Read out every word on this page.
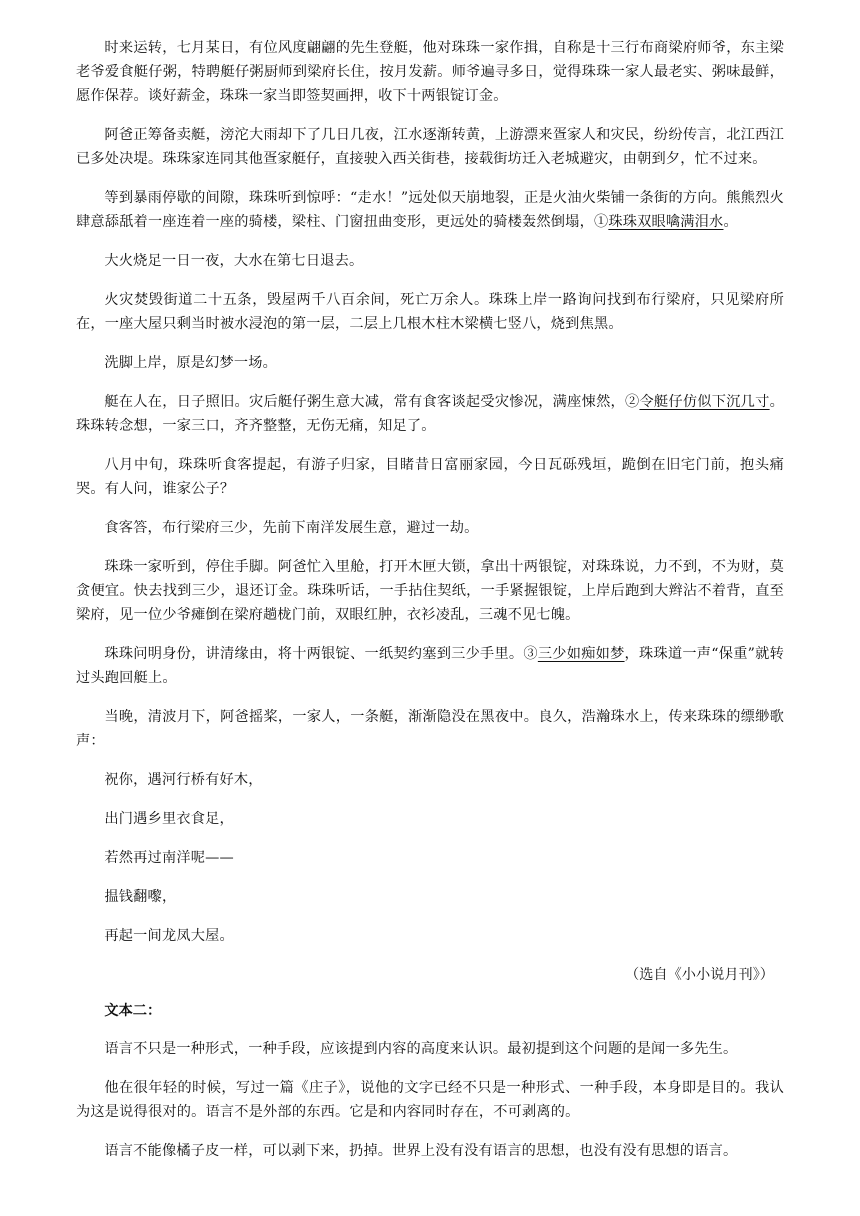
时来运转，七月某日，有位风度翩翩的先生登艇，他对珠珠一家作揖，自称是十三行布商梁府师爷，东主梁老爷爱食艇仔粥，特聘艇仔粥厨师到梁府长住，按月发薪。师爷遍寻多日，觉得珠珠一家人最老实、粥味最鲜，愿作保荐。谈好薪金，珠珠一家当即签契画押，收下十两银锭订金。

阿爸正筹备卖艇，滂沱大雨却下了几日几夜，江水逐渐转黄，上游漂来疍家人和灾民，纷纷传言，北江西江已多处决堤。珠珠家连同其他疍家艇仔，直接驶入西关街巷，接载街坊迁入老城避灾，由朝到夕，忙不过来。

等到暴雨停歇的间隙，珠珠听到惊呼：“走水！”远处似天崩地裂，正是火油火柴铺一条街的方向。熊熊烈火肆意舔舐着一座连着一座的骑楼，梁柱、门窗扭曲变形，更远处的骑楼轰然倒塌，①珠珠双眼噙满泪水。

大火烧足一日一夜，大水在第七日退去。

火灾焚毁街道二十五条，毁屋两千八百余间，死亡万余人。珠珠上岸一路询问找到布行梁府，只见梁府所在，一座大屋只剩当时被水浸泡的第一层，二层上几根木柱木梁横七竖八，烧到焦黑。

洗脚上岸，原是幻梦一场。

艇在人在，日子照旧。灾后艇仔粥生意大减，常有食客谈起受灾惨况，满座悚然，②令艇仔仿似下沉几寸。珠珠转念想，一家三口，齐齐整整，无伤无痛，知足了。

八月中旬，珠珠听食客提起，有游子归家，目睹昔日富丽家园，今日瓦砾残垣，跪倒在旧宅门前，抱头痛哭。有人问，谁家公子？

食客答，布行梁府三少，先前下南洋发展生意，避过一劫。

珠珠一家听到，停住手脚。阿爸忙入里舱，打开木匣大锁，拿出十两银锭，对珠珠说，力不到，不为财，莫贪便宜。快去找到三少，退还订金。珠珠听话，一手拈住契纸，一手紧握银锭，上岸后跑到大辫沾不着背，直至梁府，见一位少爷瘫倒在梁府趟栊门前，双眼红肿，衣衫凌乱，三魂不见七魄。

珠珠问明身份，讲清缘由，将十两银锭、一纸契约塞到三少手里。③三少如痴如梦，珠珠道一声“保重”就转过头跑回艇上。

当晚，清波月下，阿爸摇桨，一家人，一条艇，渐渐隐没在黑夜中。良久，浩瀚珠水上，传来珠珠的缥缈歌声：

祝你，遇河行桥有好木，

出门遇乡里衣食足，

若然再过南洋呢——

揾钱翻嚟，

再起一间龙凤大屋。

（选自《小小说月刊》）

文本二：

语言不只是一种形式，一种手段，应该提到内容的高度来认识。最初提到这个问题的是闻一多先生。

他在很年轻的时候，写过一篇《庄子》，说他的文字已经不只是一种形式、一种手段，本身即是目的。我认为这是说得很对的。语言不是外部的东西。它是和内容同时存在，不可剥离的。

语言不能像橘子皮一样，可以剥下来，扔掉。世界上没有没有语言的思想，也没有没有思想的语言。
